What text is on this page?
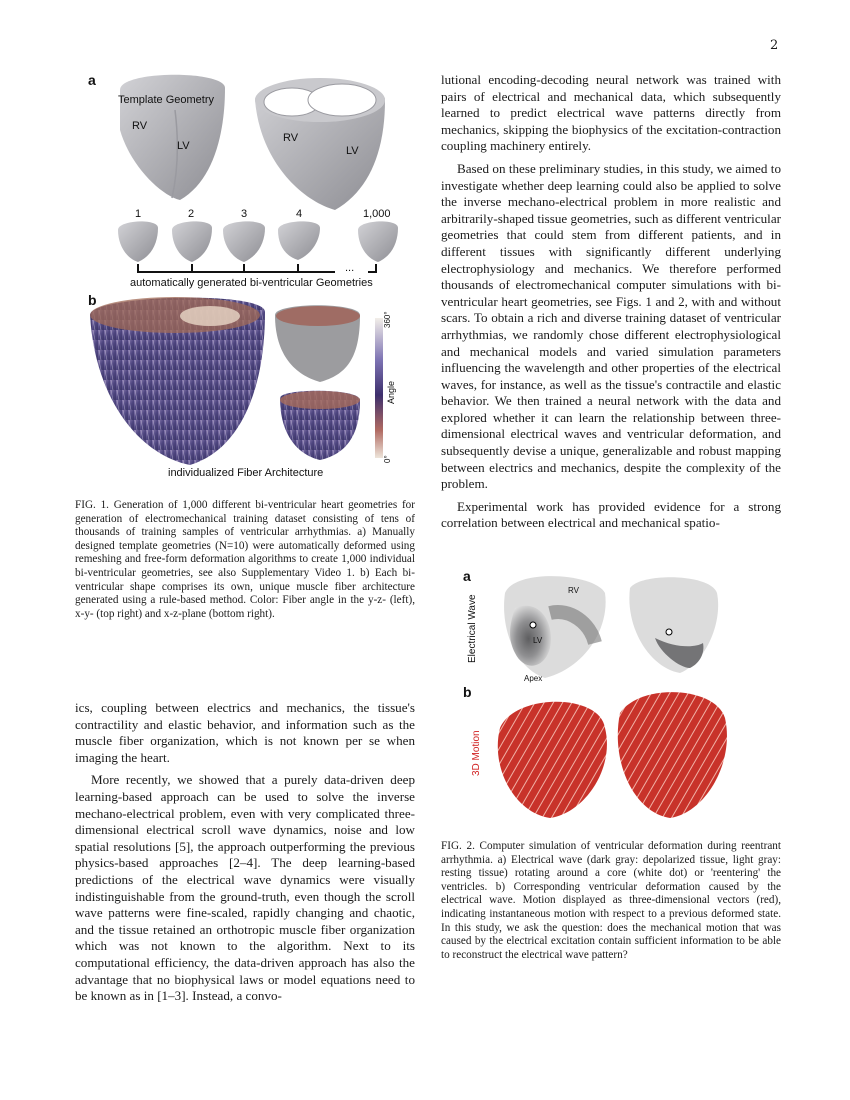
2
a
Template Geometry
RV
LV
RV
LV
1	2	3	4	1,000
...
automatically generated bi-ventricular Geometries
b
individualized Fiber Architecture
360°
Angle
0°
FIG. 1. Generation of 1,000 different bi-ventricular heart geometries for generation of electromechanical training dataset consisting of tens of thousands of training samples of ventricular arrhythmias. a) Manually designed template geometries (N=10) were automatically deformed using remeshing and free-form deformation algorithms to create 1,000 individual bi-ventricular geometries, see also Supplementary Video 1. b) Each bi-ventricular shape comprises its own, unique muscle fiber architecture generated using a rule-based method. Color: Fiber angle in the y-z- (left), x-y- (top right) and x-z-plane (bottom right).

ics, coupling between electrics and mechanics, the tissue's contractility and elastic behavior, and information such as the muscle fiber organization, which is not known per se when imaging the heart.

More recently, we showed that a purely data-driven deep learning-based approach can be used to solve the inverse mechano-electrical problem, even with very complicated three-dimensional electrical scroll wave dynamics, noise and low spatial resolutions [5], the approach outperforming the previous physics-based approaches [2–4]. The deep learning-based predictions of the electrical wave dynamics were visually indistinguishable from the ground-truth, even though the scroll wave patterns were fine-scaled, rapidly changing and chaotic, and the tissue retained an orthotropic muscle fiber organization which was not known to the algorithm. Next to its computational efficiency, the data-driven approach has also the advantage that no biophysical laws or model equations need to be known as in [1–3]. Instead, a convo-

lutional encoding-decoding neural network was trained with pairs of electrical and mechanical data, which subsequently learned to predict electrical wave patterns directly from mechanics, skipping the biophysics of the excitation-contraction coupling machinery entirely.

Based on these preliminary studies, in this study, we aimed to investigate whether deep learning could also be applied to solve the inverse mechano-electrical problem in more realistic and arbitrarily-shaped tissue geometries, such as different ventricular geometries that could stem from different patients, and in different tissues with significantly different underlying electrophysiology and mechanics. We therefore performed thousands of electromechanical computer simulations with bi-ventricular heart geometries, see Figs. 1 and 2, with and without scars. To obtain a rich and diverse training dataset of ventricular arrhythmias, we randomly chose different electrophysiological and mechanical models and varied simulation parameters influencing the wavelength and other properties of the electrical waves, for instance, as well as the tissue's contractile and elastic behavior. We then trained a neural network with the data and explored whether it can learn the relationship between three-dimensional electrical waves and ventricular deformation, and subsequently devise a unique, generalizable and robust mapping between electrics and mechanics, despite the complexity of the problem.

Experimental work has provided evidence for a strong correlation between electrical and mechanical spatio-

a
Electrical Wave
RV
LV
Apex
b
3D Motion
FIG. 2. Computer simulation of ventricular deformation during reentrant arrhythmia. a) Electrical wave (dark gray: depolarized tissue, light gray: resting tissue) rotating around a core (white dot) or 'reentering' the ventricles. b) Corresponding ventricular deformation caused by the electrical wave. Motion displayed as three-dimensional vectors (red), indicating instantaneous motion with respect to a previous deformed state. In this study, we ask the question: does the mechanical motion that was caused by the electrical excitation contain sufficient information to be able to reconstruct the electrical wave pattern?
